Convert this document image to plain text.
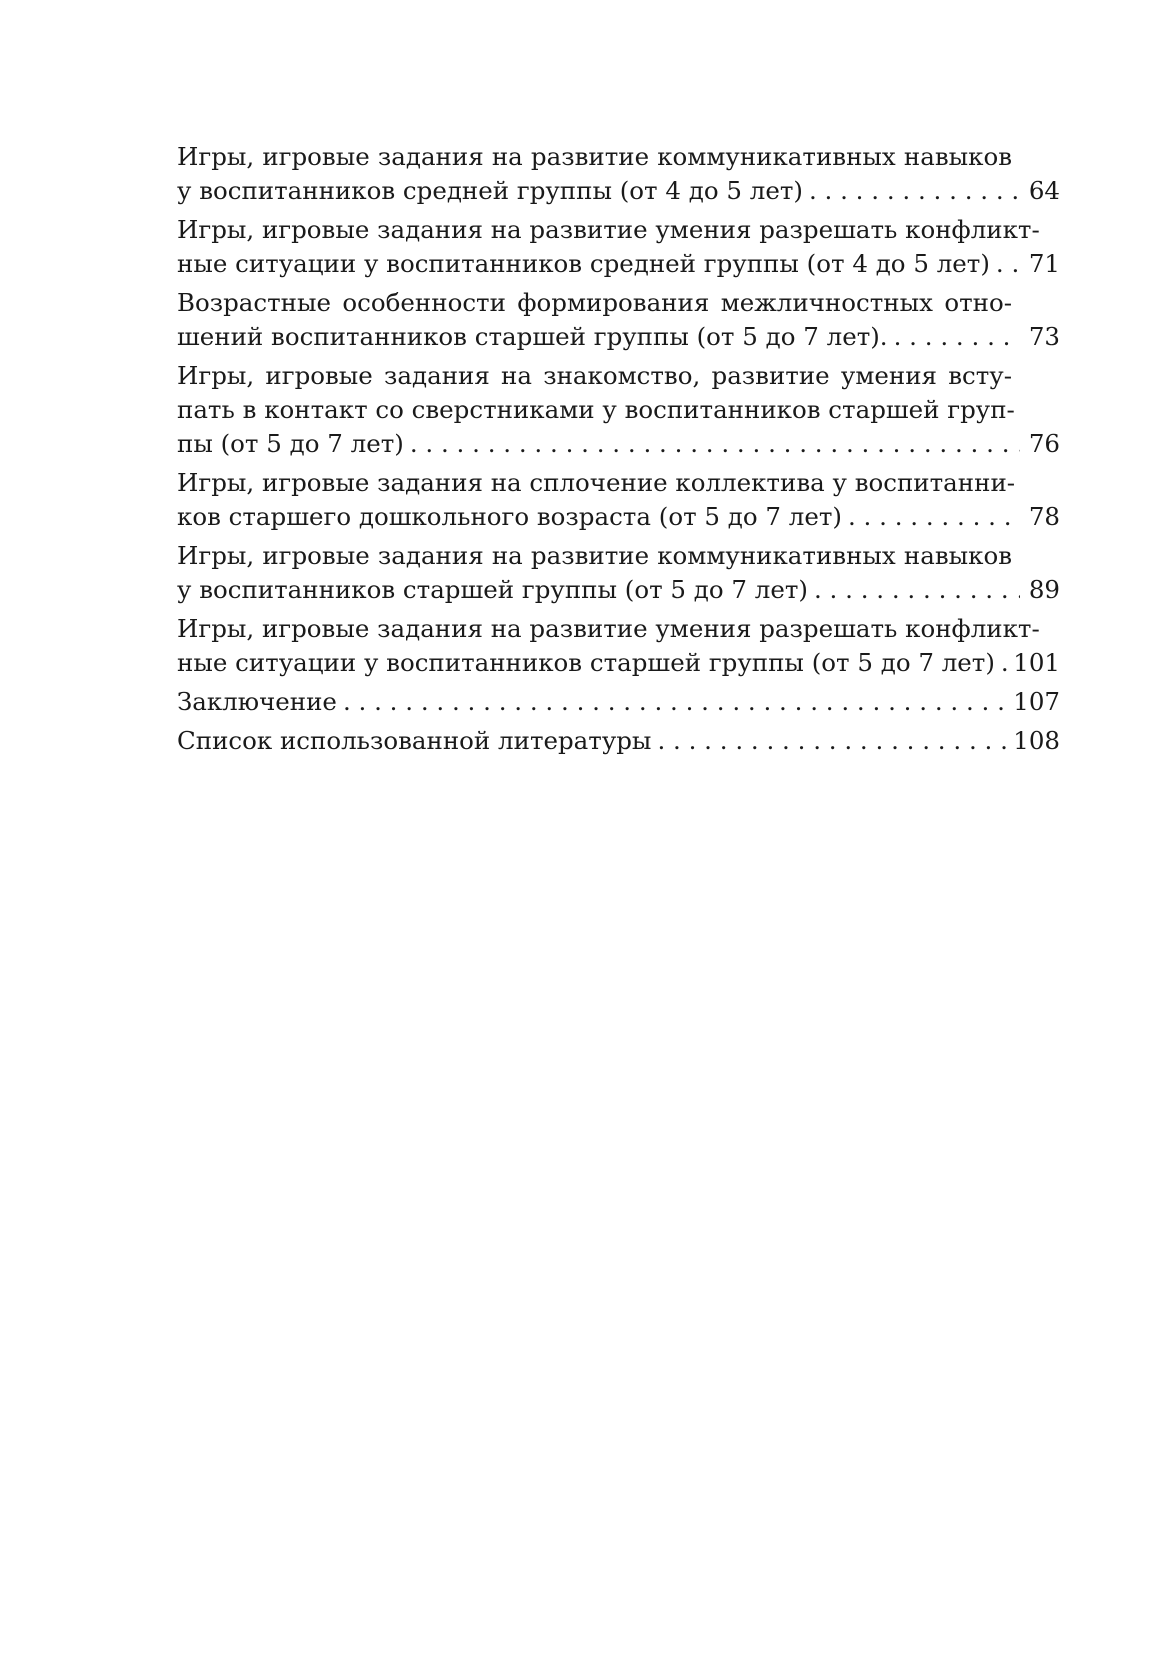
Игры, игровые задания на развитие коммуникативных навыков
у воспитанников средней группы (от 4 до 5 лет) . . .	64
Игры, игровые задания на развитие умения разрешать конфликт-
ные ситуации у воспитанников средней группы (от 4 до 5 лет) . . .	71
Возрастные особенности формирования межличностных отно-
шений воспитанников старшей группы (от 5 до 7 лет). . . .	73
Игры, игровые задания на знакомство, развитие умения всту-
пать в контакт со сверстниками у воспитанников старшей груп-
пы (от 5 до 7 лет) . . .	76
Игры, игровые задания на сплочение коллектива у воспитанни-
ков старшего дошкольного возраста (от 5 до 7 лет) . . .	78
Игры, игровые задания на развитие коммуникативных навыков
у воспитанников старшей группы (от 5 до 7 лет) . . .	89
Игры, игровые задания на развитие умения разрешать конфликт-
ные ситуации у воспитанников старшей группы (от 5 до 7 лет) . . . 101
Заключение . . .	107
Список использованной литературы . . .	108
